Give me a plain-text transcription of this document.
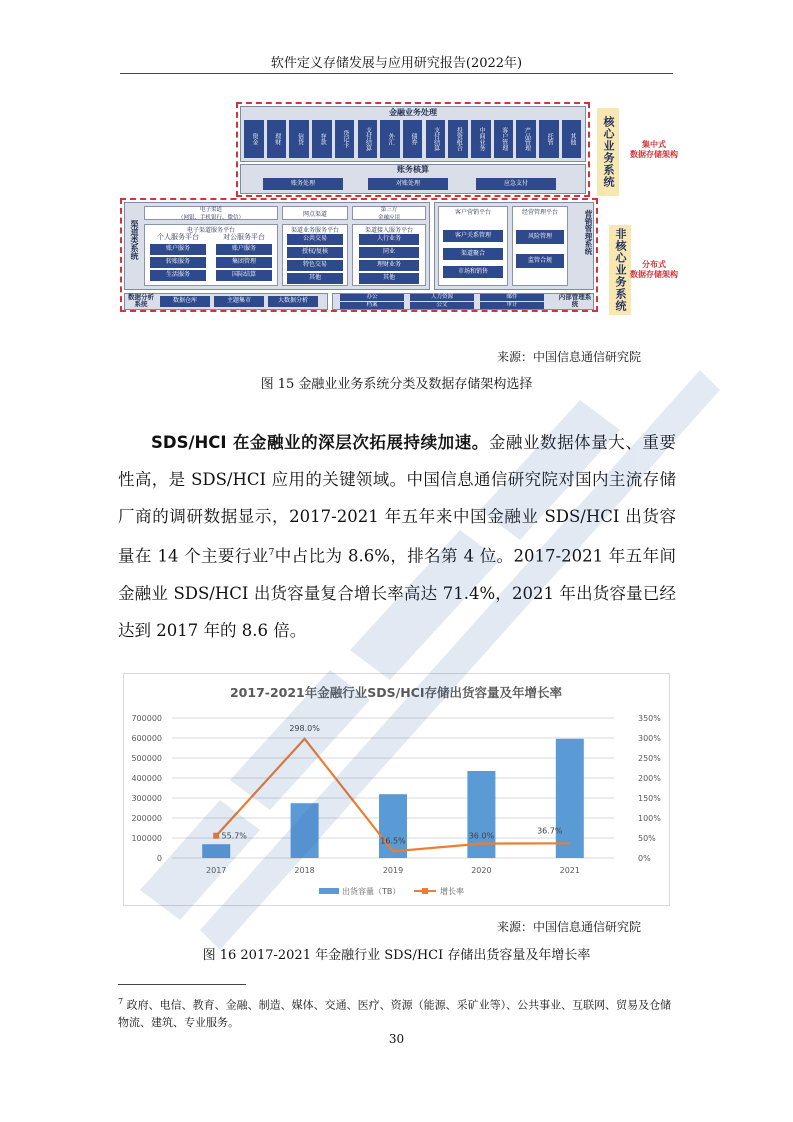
软件定义存储发展与应用研究报告(2022年)
金融业务处理
资金	理财	信贷	存款	贷记卡	支付结算	外汇	债券	支付结算	投资组合	中间业务	客户管理	产品管理	托管	其他
账务核算
账务处理	对账处理	应急支付	核心业务系统	集中式
数据存储架构
非核心业务系统	分布式
数据存储架构
渠道类系统
电子渠道
（网银、手机银行、微信）
网点渠道
第三方
金融应用
电子渠道服务平台
个人服务平台	对公服务平台
账户服务
转账服务
生活服务
账户服务
集团管理
国际结算
渠道业务服务平台
公共交易
授权/复核
特色交易
其他
渠道接入服务平台
人行业务
同业
理财业务
其他
客户营销平台
客户关系管理
渠道聚合
市场和销售
经营管理平台
风险管理
监管合规
营销管理系统
数据分析系统	数据仓库	主题集市	大数据分析	办公	人力资源	邮件
档案	公文	审计
内部管理系统
来源：中国信息通信研究院
图 15 金融业业务系统分类及数据存储架构选择

SDS/HCI 在金融业的深层次拓展持续加速。金融业数据体量大、重要性高，是 SDS/HCI 应用的关键领域。中国信息通信研究院对国内主流存储厂商的调研数据显示，2017-2021 年五年来中国金融业 SDS/HCI 出货容量在 14 个主要行业$^7$中占比为 8.6%，排名第 4 位。2017-2021 年五年间金融业 SDS/HCI 出货容量复合增长率高达 71.4%，2021 年出货容量已经达到 2017 年的 8.6 倍。

2017-2021年金融行业SDS/HCI存储出货容量及年增长率
0
100000
200000
300000
400000
500000
600000
700000
0%
50%
100%
150%
200%
250%
300%
350%
2017	2018	2019	2020	2021
55.7%
298.0%
16.5%
36.0%
36.7%
出货容量（TB）	增长率
来源：中国信息通信研究院
图 16 2017-2021 年金融行业 SDS/HCI 存储出货容量及年增长率
$^7$ 政府、电信、教育、金融、制造、媒体、交通、医疗、资源（能源、采矿业等）、公共事业、互联网、贸易及仓储物流、建筑、专业服务。
30
